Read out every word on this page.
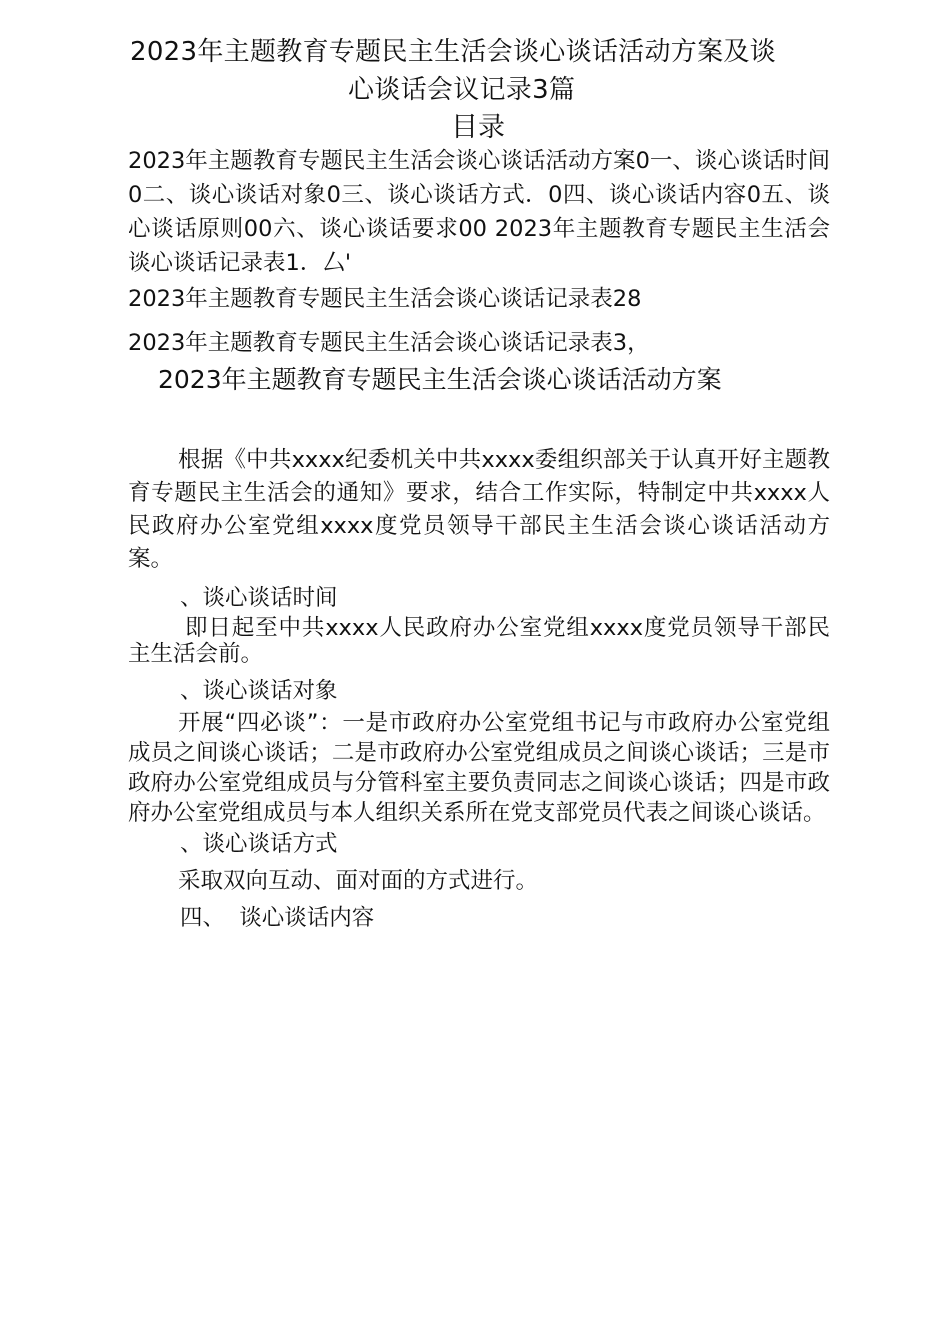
2023年主题教育专题民主生活会谈心谈话活动方案及谈
心谈话会议记录3篇
目录
2023年主题教育专题民主生活会谈心谈话活动方案0一、谈心谈话时间0二、谈心谈话对象0三、谈心谈话方式．0四、谈心谈话内容0五、谈心谈话原则00六、谈心谈话要求00 2023年主题教育专题民主生活会谈心谈话记录表1．厶'
2023年主题教育专题民主生活会谈心谈话记录表28
2023年主题教育专题民主生活会谈心谈话记录表3，
2023年主题教育专题民主生活会谈心谈话活动方案
根据《中共xxxx纪委机关中共xxxx委组织部关于认真开好主题教育专题民主生活会的通知》要求，结合工作实际，特制定中共xxxx人民政府办公室党组xxxx度党员领导干部民主生活会谈心谈话活动方案。
、谈心谈话时间
即日起至中共xxxx人民政府办公室党组xxxx度党员领导干部民主生活会前。
、谈心谈话对象
开展“四必谈”：一是市政府办公室党组书记与市政府办公室党组成员之间谈心谈话；二是市政府办公室党组成员之间谈心谈话；三是市政府办公室党组成员与分管科室主要负责同志之间谈心谈话；四是市政府办公室党组成员与本人组织关系所在党支部党员代表之间谈心谈话。
、谈心谈话方式
采取双向互动、面对面的方式进行。
四、  谈心谈话内容
